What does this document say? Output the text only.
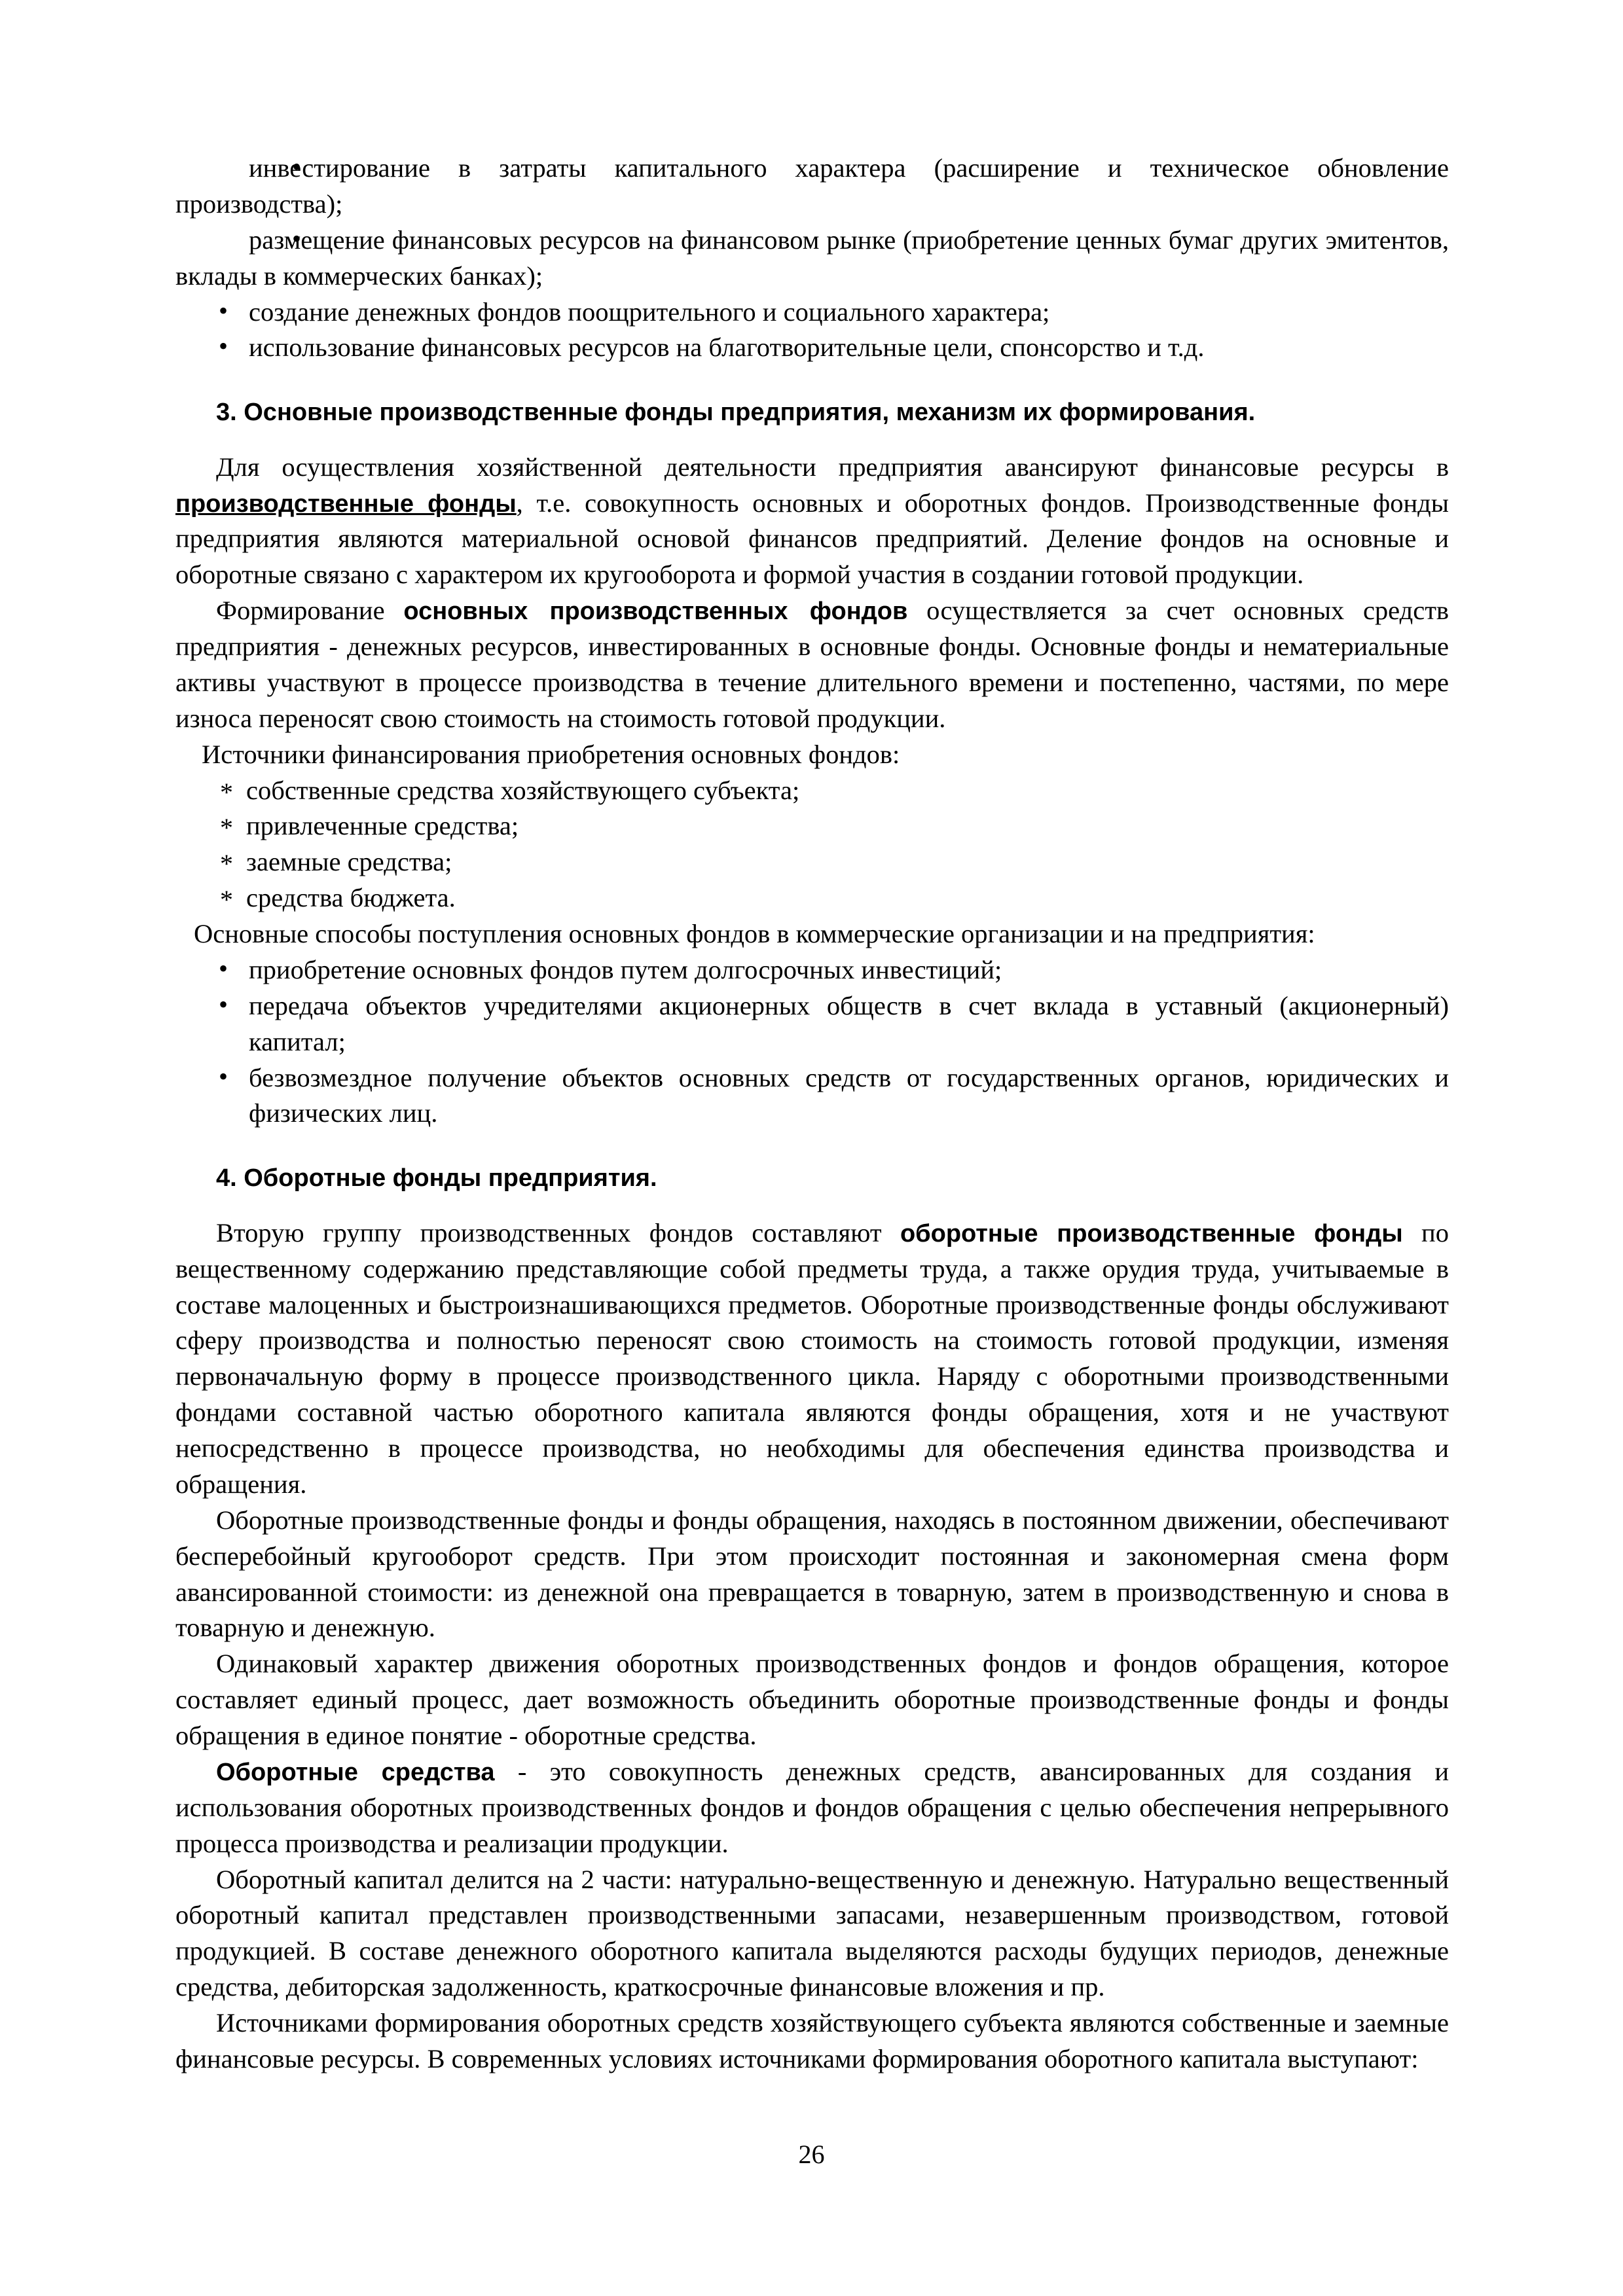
• инвестирование в затраты капитального характера (расширение и техническое обновление производства);
• размещение финансовых ресурсов на финансовом рынке (приобретение ценных бумаг других эмитентов, вклады в коммерческих банках);
• создание денежных фондов поощрительного и социального характера;
• использование финансовых ресурсов на благотворительные цели, спонсорство и т.д.

3. Основные производственные фонды предприятия, механизм их формирования.

Для осуществления хозяйственной деятельности предприятия авансируют финансовые ресурсы в производственные фонды, т.е. совокупность основных и оборотных фондов. Производственные фонды предприятия являются материальной основой финансов предприятий. Деление фондов на основные и оборотные связано с характером их кругооборота и формой участия в создании готовой продукции.

Формирование основных производственных фондов осуществляется за счет основных средств предприятия - денежных ресурсов, инвестированных в основные фонды. Основные фонды и нематериальные активы участвуют в процессе производства в течение длительного времени и постепенно, частями, по мере износа переносят свою стоимость на стоимость готовой продукции.

Источники финансирования приобретения основных фондов:

* собственные средства хозяйствующего субъекта;
* привлеченные средства;
* заемные средства;
* средства бюджета.

Основные способы поступления основных фондов в коммерческие организации и на предприятия:

• приобретение основных фондов путем долгосрочных инвестиций;
• передача объектов учредителями акционерных обществ в счет вклада в уставный (акционерный) капитал;
• безвозмездное получение объектов основных средств от государственных органов, юридических и физических лиц.

4. Оборотные фонды предприятия.

Вторую группу производственных фондов составляют оборотные производственные фонды по вещественному содержанию представляющие собой предметы труда, а также орудия труда, учитываемые в составе малоценных и быстроизнашивающихся предметов. Оборотные производственные фонды обслуживают сферу производства и полностью переносят свою стоимость на стоимость готовой продукции, изменяя первоначальную форму в процессе производственного цикла. Наряду с оборотными производственными фондами составной частью оборотного капитала являются фонды обращения, хотя и не участвуют непосредственно в процессе производства, но необходимы для обеспечения единства производства и обращения.

Оборотные производственные фонды и фонды обращения, находясь в постоянном движении, обеспечивают бесперебойный кругооборот средств. При этом происходит постоянная и закономерная смена форм авансированной стоимости: из денежной она превращается в товарную, затем в производственную и снова в товарную и денежную.

Одинаковый характер движения оборотных производственных фондов и фондов обращения, которое составляет единый процесс, дает возможность объединить оборотные производственные фонды и фонды обращения в единое понятие - оборотные средства.

Оборотные средства - это совокупность денежных средств, авансированных для создания и использования оборотных производственных фондов и фондов обращения с целью обеспечения непрерывного процесса производства и реализации продукции.

Оборотный капитал делится на 2 части: натурально-вещественную и денежную. Натурально вещественный оборотный капитал представлен производственными запасами, незавершенным производством, готовой продукцией. В составе денежного оборотного капитала выделяются расходы будущих периодов, денежные средства, дебиторская задолженность, краткосрочные финансовые вложения и пр.

Источниками формирования оборотных средств хозяйствующего субъекта являются собственные и заемные финансовые ресурсы. В современных условиях источниками формирования оборотного капитала выступают:

26
